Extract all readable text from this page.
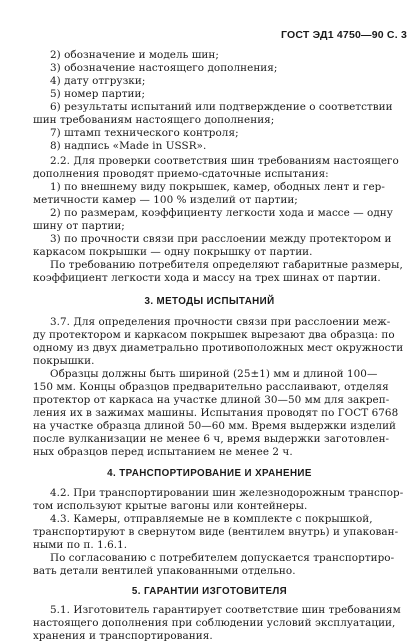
ГОСТ ЭД1 4750—90 С. 3
2) обозначение и модель шин;
3) обозначение настоящего дополнения;
4) дату отгрузки;
5) номер партии;
6) результаты испытаний или подтверждение о соответствии
шин требованиям настоящего дополнения;
7) штамп технического контроля;
8) надпись «Made in USSR».
2.2. Для проверки соответствия шин требованиям настоящего
дополнения проводят приемо-сдаточные испытания:
1) по внешнему виду покрышек, камер, ободных лент и гер-
метичности камер — 100 % изделий от партии;
2) по размерам, коэффициенту легкости хода и массе — одну
шину от партии;
3) по прочности связи при расслоении между протектором и
каркасом покрышки — одну покрышку от партии.
По требованию потребителя определяют габаритные размеры,
коэффициент легкости хода и массу на трех шинах от партии.
3. МЕТОДЫ ИСПЫТАНИЙ
3.7. Для определения прочности связи при расслоении меж-
ду протектором и каркасом покрышек вырезают два образца: по
одному из двух диаметрально противоположных мест окружности
покрышки.
Образцы должны быть шириной (25±1) мм и длиной 100—
150 мм. Концы образцов предварительно расслаивают, отделяя
протектор от каркаса на участке длиной 30—50 мм для закреп-
ления их в зажимах машины. Испытания проводят по ГОСТ 6768
на участке образца длиной 50—60 мм. Время выдержки изделий
после вулканизации не менее 6 ч, время выдержки заготовлен-
ных образцов перед испытанием не менее 2 ч.
4. ТРАНСПОРТИРОВАНИЕ И ХРАНЕНИЕ
4.2. При транспортировании шин железнодорожным транспор-
том используют крытые вагоны или контейнеры.
4.3. Камеры, отправляемые не в комплекте с покрышкой,
транспортируют в свернутом виде (вентилем внутрь) и упакован-
ными по п. 1.6.1.
По согласованию с потребителем допускается транспортиро-
вать детали вентилей упакованными отдельно.
5. ГАРАНТИИ ИЗГОТОВИТЕЛЯ
5.1. Изготовитель гарантирует соответствие шин требованиям
настоящего дополнения при соблюдении условий эксплуатации,
хранения и транспортирования.
